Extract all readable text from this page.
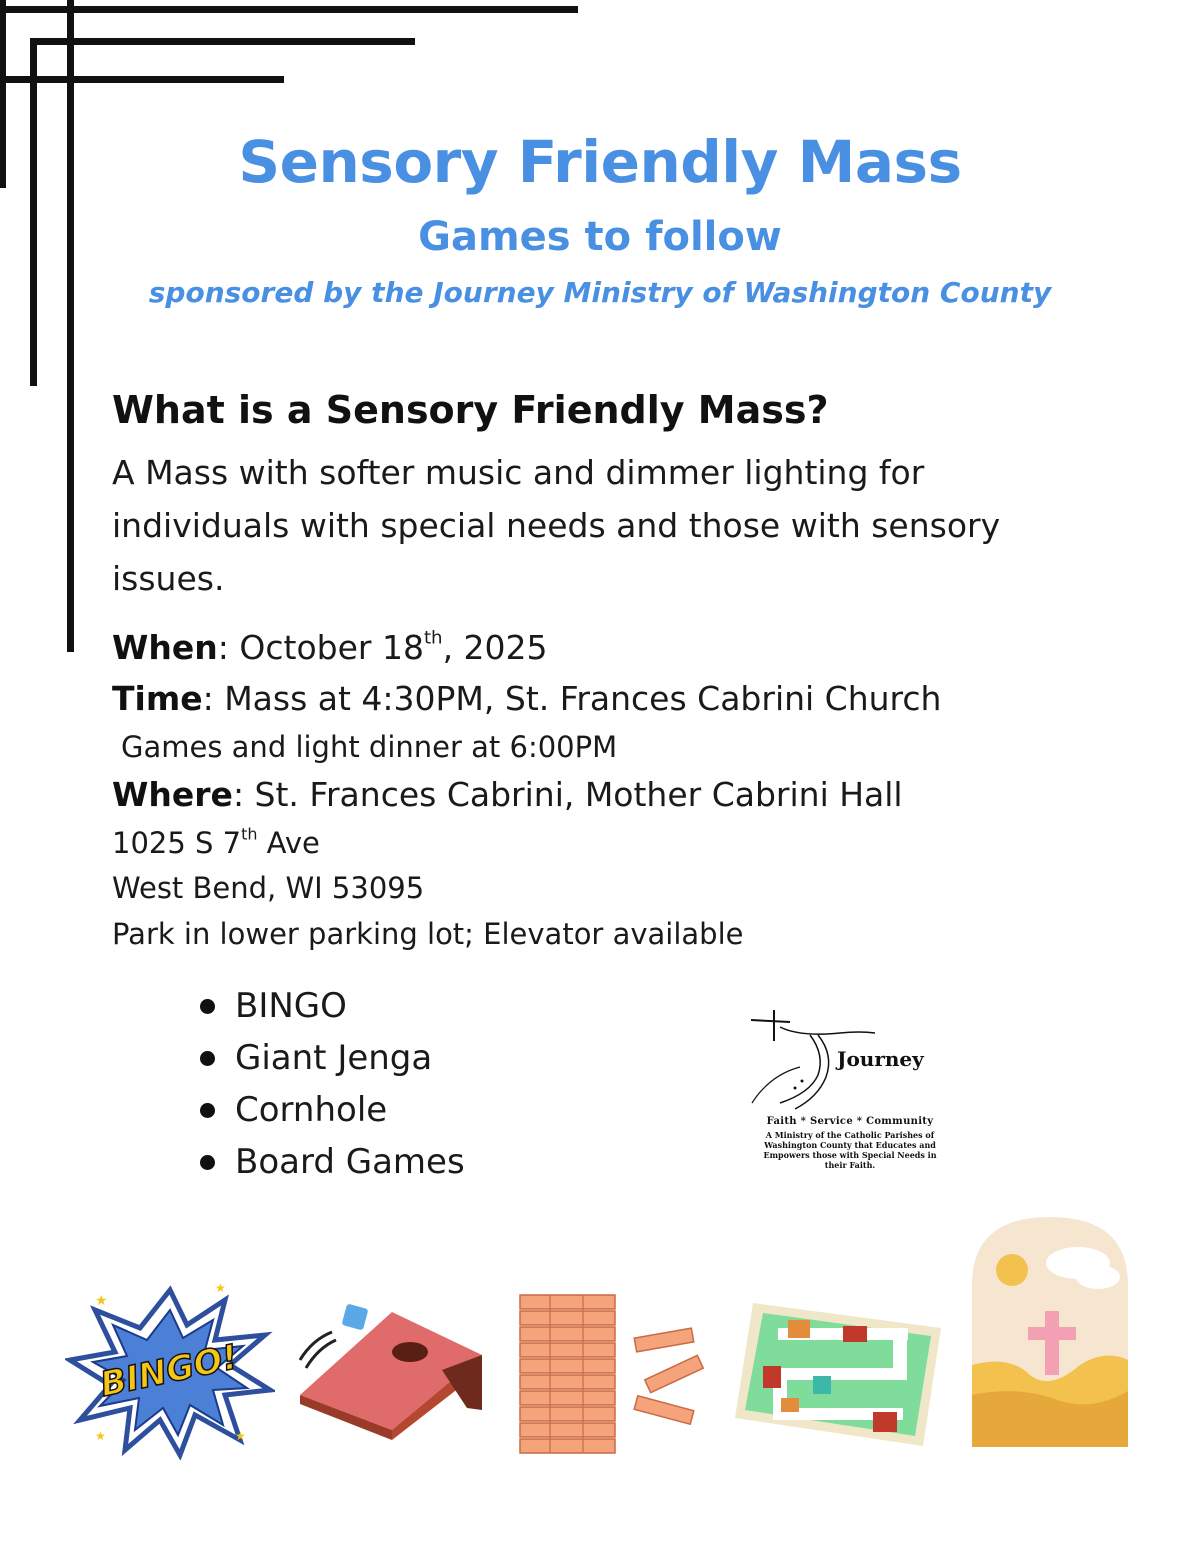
Sensory Friendly Mass
Games to follow
sponsored by the Journey Ministry of Washington County
What is a Sensory Friendly Mass?
A Mass with softer music and dimmer lighting for individuals with special needs and those with sensory issues.
When: October 18th, 2025
Time: Mass at 4:30PM, St. Frances Cabrini Church
Games and light dinner at 6:00PM
Where: St. Frances Cabrini, Mother Cabrini Hall
1025 S 7th Ave
West Bend, WI 53095
Park in lower parking lot; Elevator available
BINGO
Giant Jenga
Cornhole
Board Games
Journey
Faith * Service * Community
A Ministry of the Catholic Parishes of Washington County that Educates and Empowers those with Special Needs in their Faith.
BINGO!
★
★
★
★
